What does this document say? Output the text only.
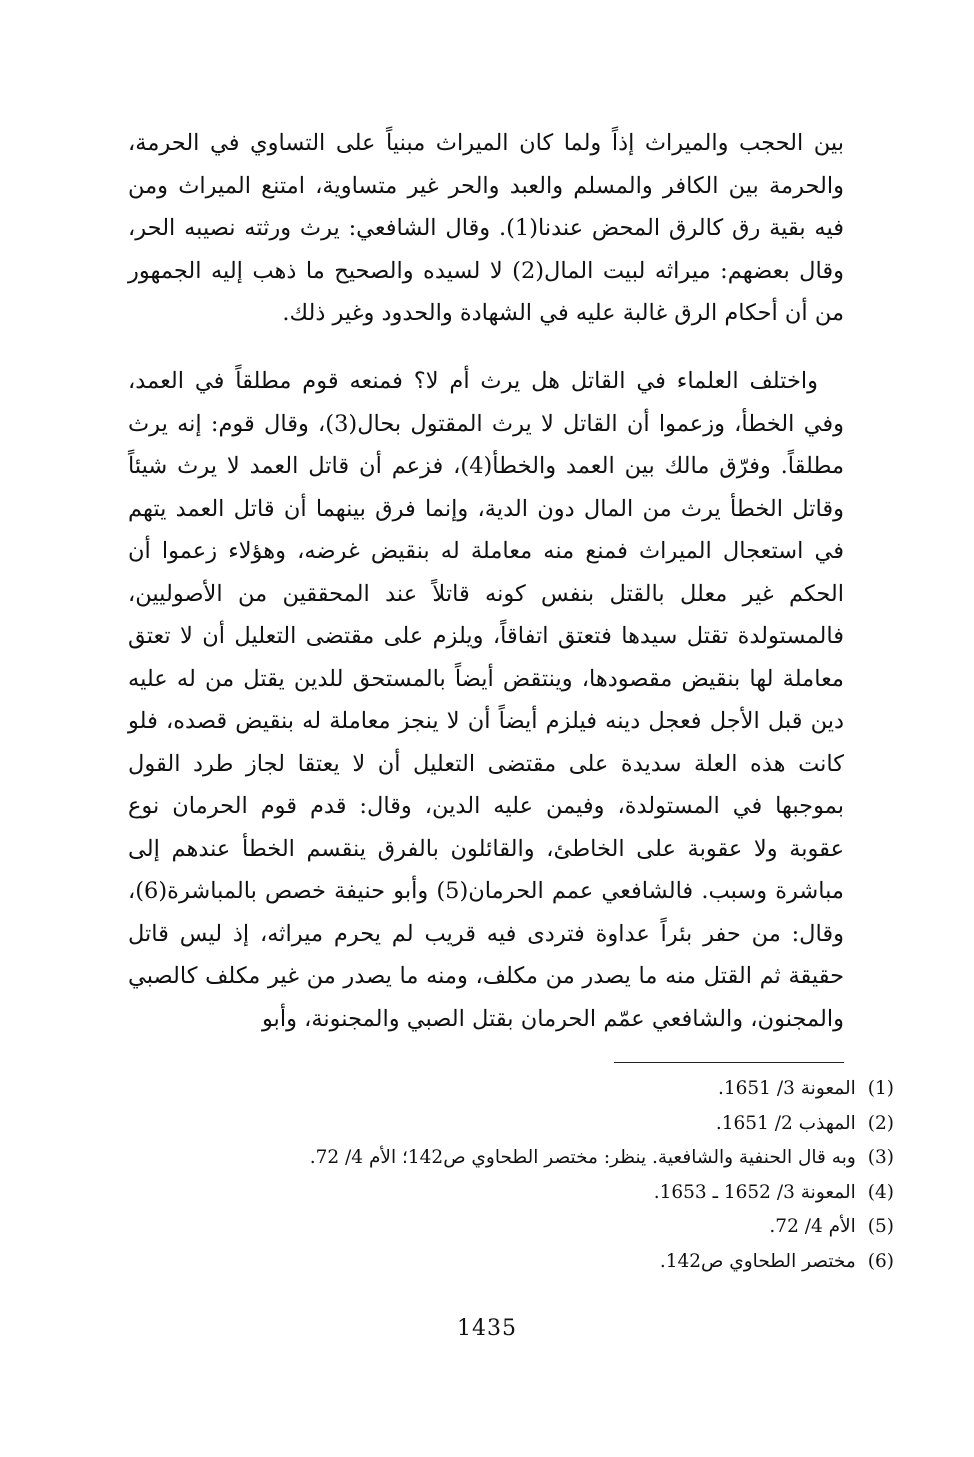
بين الحجب والميراث إذاً ولما كان الميراث مبنياً على التساوي في الحرمة، والحرمة بين الكافر والمسلم والعبد والحر غير متساوية، امتنع الميراث ومن فيه بقية رق كالرق المحض عندنا(1). وقال الشافعي: يرث ورثته نصيبه الحر، وقال بعضهم: ميراثه لبيت المال(2) لا لسيده والصحيح ما ذهب إليه الجمهور من أن أحكام الرق غالبة عليه في الشهادة والحدود وغير ذلك.

واختلف العلماء في القاتل هل يرث أم لا؟ فمنعه قوم مطلقاً في العمد، وفي الخطأ، وزعموا أن القاتل لا يرث المقتول بحال(3)، وقال قوم: إنه يرث مطلقاً. وفرّق مالك بين العمد والخطأ(4)، فزعم أن قاتل العمد لا يرث شيئاً وقاتل الخطأ يرث من المال دون الدية، وإنما فرق بينهما أن قاتل العمد يتهم في استعجال الميراث فمنع منه معاملة له بنقيض غرضه، وهؤلاء زعموا أن الحكم غير معلل بالقتل بنفس كونه قاتلاً عند المحققين من الأصوليين، فالمستولدة تقتل سيدها فتعتق اتفاقاً، ويلزم على مقتضى التعليل أن لا تعتق معاملة لها بنقيض مقصودها، وينتقض أيضاً بالمستحق للدين يقتل من له عليه دين قبل الأجل فعجل دينه فيلزم أيضاً أن لا ينجز معاملة له بنقيض قصده، فلو كانت هذه العلة سديدة على مقتضى التعليل أن لا يعتقا لجاز طرد القول بموجبها في المستولدة، وفيمن عليه الدين، وقال: قدم قوم الحرمان نوع عقوبة ولا عقوبة على الخاطئ، والقائلون بالفرق ينقسم الخطأ عندهم إلى مباشرة وسبب. فالشافعي عمم الحرمان(5) وأبو حنيفة خصص بالمباشرة(6)، وقال: من حفر بئراً عداوة فتردى فيه قريب لم يحرم ميراثه، إذ ليس قاتل حقيقة ثم القتل منه ما يصدر من مكلف، ومنه ما يصدر من غير مكلف كالصبي والمجنون، والشافعي عمّم الحرمان بقتل الصبي والمجنونة، وأبو

(1)المعونة 3/ 1651.
(2)المهذب 2/ 1651.
(3)وبه قال الحنفية والشافعية. ينظر: مختصر الطحاوي ص142؛ الأم 4/ 72.
(4)المعونة 3/ 1652 ـ 1653.
(5)الأم 4/ 72.
(6)مختصر الطحاوي ص142.
1435
